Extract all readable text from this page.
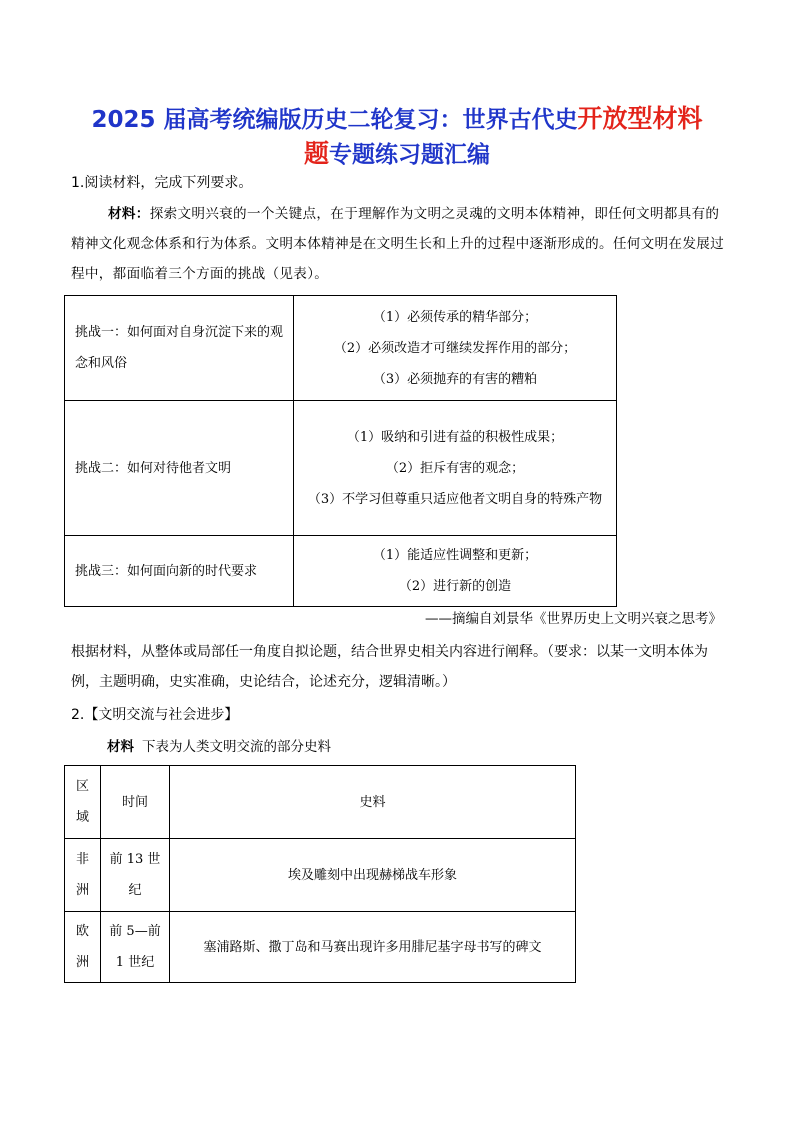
2025 届高考统编版历史二轮复习：世界古代史开放型材料
题专题练习题汇编

1.阅读材料，完成下列要求。

材料：探索文明兴衰的一个关键点，在于理解作为文明之灵魂的文明本体精神，即任何文明都具有的精神文化观念体系和行为体系。文明本体精神是在文明生长和上升的过程中逐渐形成的。任何文明在发展过程中，都面临着三个方面的挑战（见表）。

挑战一：如何面对自身沉淀下来的观念和风俗	（1）必须传承的精华部分；
（2）必须改造才可继续发挥作用的部分；
（3）必须抛弃的有害的糟粕

挑战二：如何对待他者文明	（1）吸纳和引进有益的积极性成果；
（2）拒斥有害的观念；
（3）不学习但尊重只适应他者文明自身的特殊产物

挑战三：如何面向新的时代要求	（1）能适应性调整和更新；
（2）进行新的创造

——摘编自刘景华《世界历史上文明兴衰之思考》

根据材料，从整体或局部任一角度自拟论题，结合世界史相关内容进行阐释。（要求：以某一文明本体为例，主题明确，史实准确，史论结合，论述充分，逻辑清晰。）

2.【文明交流与社会进步】

材料 下表为人类文明交流的部分史料

区域	时间	史料
非洲	前 13 世纪	埃及雕刻中出现赫梯战车形象
欧洲	前 5—前 1 世纪	塞浦路斯、撒丁岛和马赛出现许多用腓尼基字母书写的碑文
